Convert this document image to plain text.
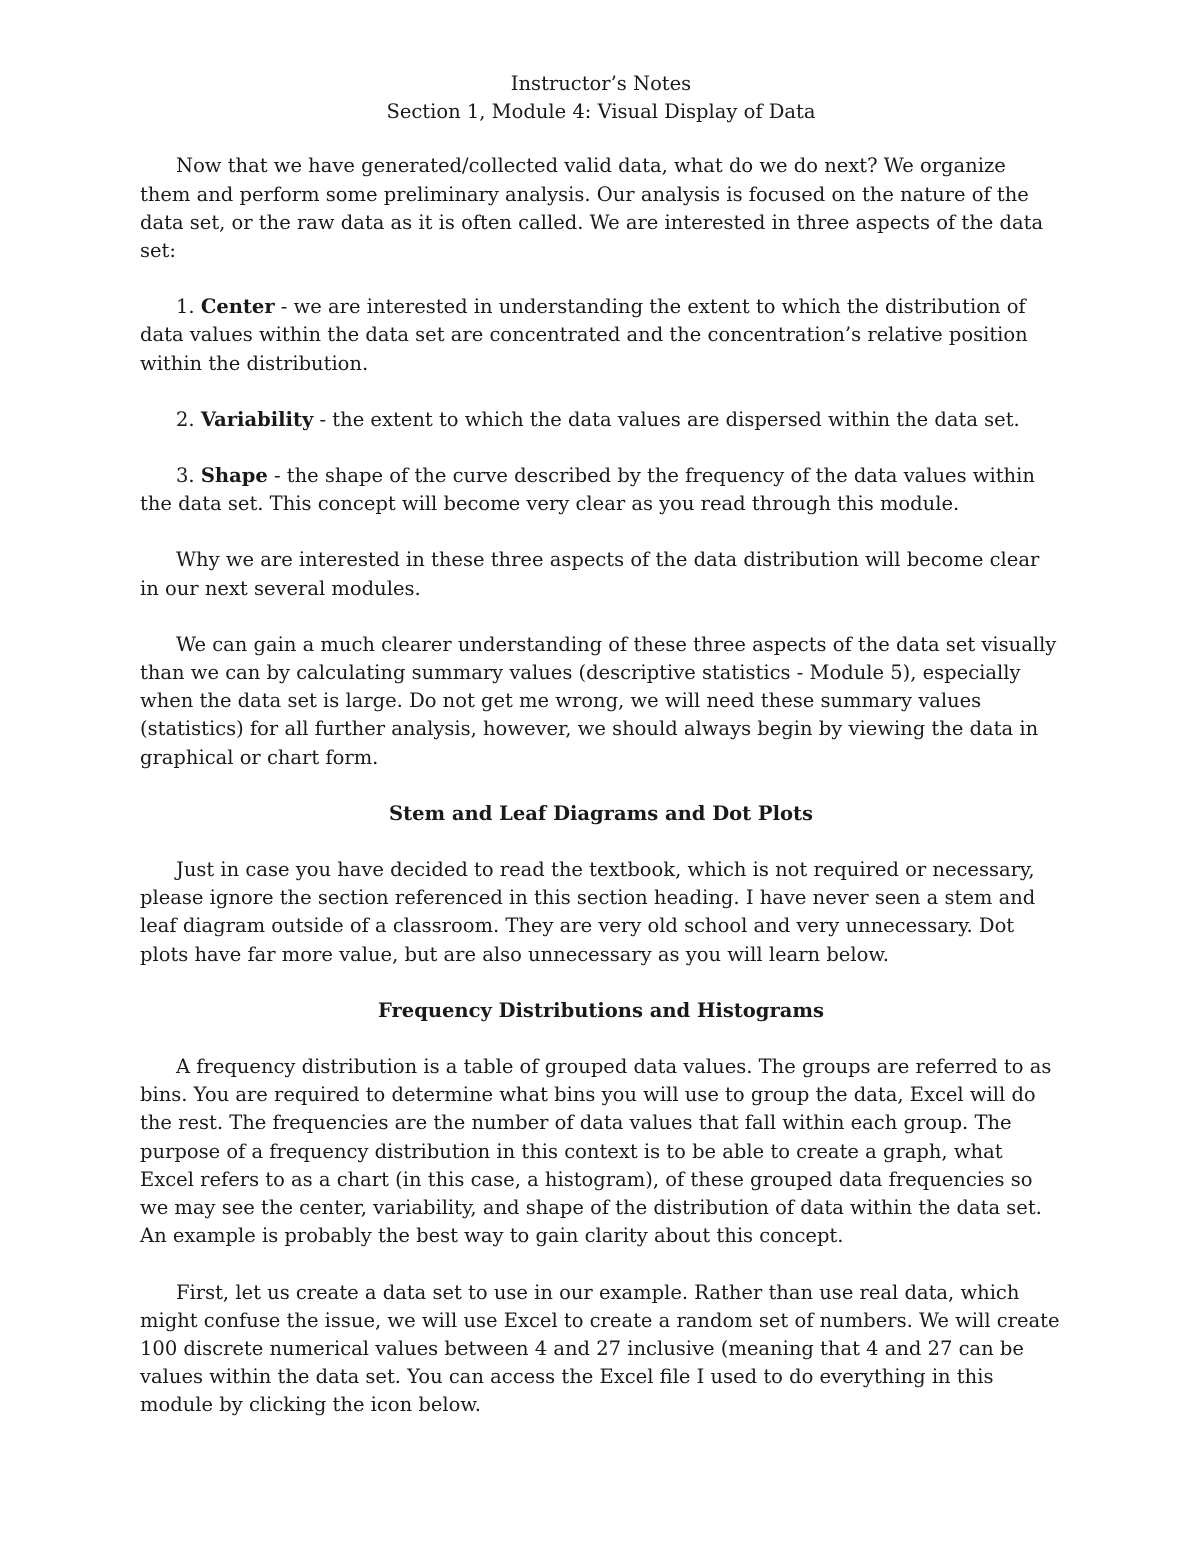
Instructor’s Notes
Section 1, Module 4: Visual Display of Data

Now that we have generated/collected valid data, what do we do next? We organize them and perform some preliminary analysis. Our analysis is focused on the nature of the data set, or the raw data as it is often called. We are interested in three aspects of the data set:

1. Center - we are interested in understanding the extent to which the distribution of data values within the data set are concentrated and the concentration’s relative position within the distribution.

2. Variability - the extent to which the data values are dispersed within the data set.

3. Shape - the shape of the curve described by the frequency of the data values within the data set. This concept will become very clear as you read through this module.

Why we are interested in these three aspects of the data distribution will become clear in our next several modules.

We can gain a much clearer understanding of these three aspects of the data set visually than we can by calculating summary values (descriptive statistics - Module 5), especially when the data set is large. Do not get me wrong, we will need these summary values (statistics) for all further analysis, however, we should always begin by viewing the data in graphical or chart form.

Stem and Leaf Diagrams and Dot Plots

Just in case you have decided to read the textbook, which is not required or necessary, please ignore the section referenced in this section heading. I have never seen a stem and leaf diagram outside of a classroom. They are very old school and very unnecessary. Dot plots have far more value, but are also unnecessary as you will learn below.

Frequency Distributions and Histograms

A frequency distribution is a table of grouped data values. The groups are referred to as bins. You are required to determine what bins you will use to group the data, Excel will do the rest. The frequencies are the number of data values that fall within each group. The purpose of a frequency distribution in this context is to be able to create a graph, what Excel refers to as a chart (in this case, a histogram), of these grouped data frequencies so we may see the center, variability, and shape of the distribution of data within the data set. An example is probably the best way to gain clarity about this concept.

First, let us create a data set to use in our example. Rather than use real data, which might confuse the issue, we will use Excel to create a random set of numbers. We will create 100 discrete numerical values between 4 and 27 inclusive (meaning that 4 and 27 can be values within the data set. You can access the Excel file I used to do everything in this module by clicking the icon below.
